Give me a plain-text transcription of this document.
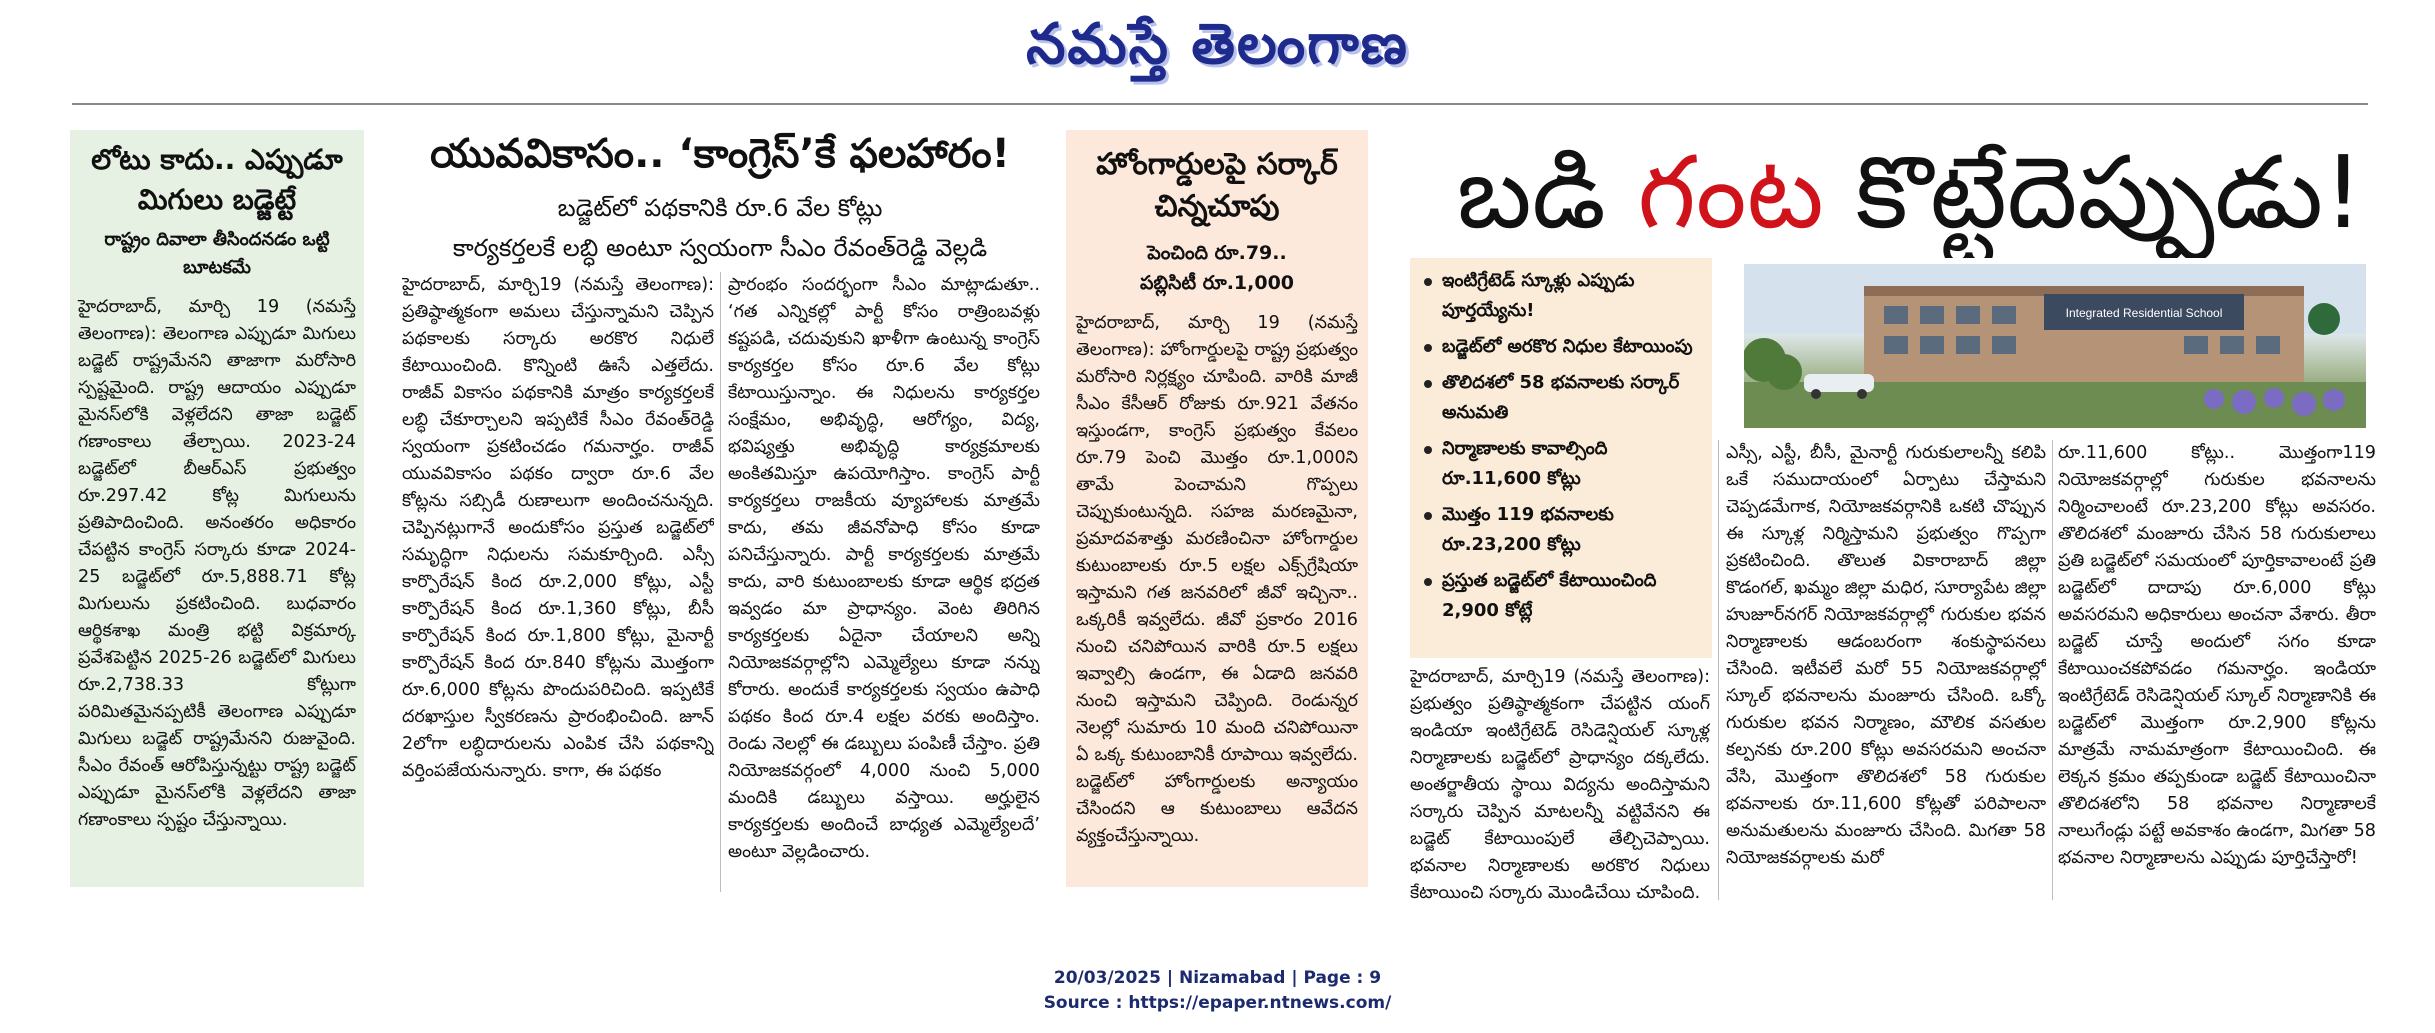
నమస్తే తెలంగాణ
లోటు కాదు.. ఎప్పుడూ మిగులు బడ్జెట్టే
రాష్ట్రం దివాలా తీసిందనడం ఒట్టి బూటకమే
హైదరాబాద్, మార్చి 19 (నమస్తే తెలంగాణ): తెలంగాణ ఎప్పుడూ మిగులు బడ్జెట్ రాష్ట్రమేనని తాజాగా మరోసారి స్పష్టమైంది. రాష్ట్ర ఆదాయం ఎప్పుడూ మైనస్‌లోకి వెళ్లలేదని తాజా బడ్జెట్ గణాంకాలు తేల్చాయి. 2023-24 బడ్జెట్‌లో బీఆర్‌ఎస్ ప్రభుత్వం రూ.297.42 కోట్ల మిగులును ప్రతిపాదించింది. అనంతరం అధికారం చేపట్టిన కాంగ్రెస్ సర్కారు కూడా 2024-25 బడ్జెట్‌లో రూ.5,888.71 కోట్ల మిగులును ప్రకటించింది. బుధవారం ఆర్థికశాఖ మంత్రి భట్టి విక్రమార్క ప్రవేశపెట్టిన 2025-26 బడ్జెట్‌లో మిగులు రూ.2,738.33 కోట్లుగా పరిమితమైనప్పటికీ తెలంగాణ ఎప్పుడూ మిగులు బడ్జెట్ రాష్ట్రమేనని రుజువైంది. సీఎం రేవంత్ ఆరోపిస్తున్నట్టు రాష్ట్ర బడ్జెట్ ఎప్పుడూ మైనస్‌లోకి వెళ్లలేదని తాజా గణాంకాలు స్పష్టం చేస్తున్నాయి.
యువవికాసం.. ‘కాంగ్రెస్’కే ఫలహారం!
బడ్జెట్‌లో పథకానికి రూ.6 వేల కోట్లు
కార్యకర్తలకే లబ్ధి అంటూ స్వయంగా సీఎం రేవంత్‌రెడ్డి వెల్లడి
హైదరాబాద్, మార్చి19 (నమస్తే తెలంగాణ): ప్రతిష్ఠాత్మకంగా అమలు చేస్తున్నామని చెప్పిన పథకాలకు సర్కారు అరకొర నిధులే కేటాయించింది. కొన్నింటి ఊసే ఎత్తలేదు. రాజీవ్ వికాసం పథకానికి మాత్రం కార్యకర్తలకే లబ్ధి చేకూర్చాలని ఇప్పటికే సీఎం రేవంత్‌రెడ్డి స్వయంగా ప్రకటించడం గమనార్హం. రాజీవ్ యువవికాసం పథకం ద్వారా రూ.6 వేల కోట్లను సబ్సిడీ రుణాలుగా అందించనున్నది. చెప్పినట్లుగానే అందుకోసం ప్రస్తుత బడ్జెట్‌లో సమృద్ధిగా నిధులను సమకూర్చింది. ఎస్సీ కార్పొరేషన్ కింద రూ.2,000 కోట్లు, ఎస్టీ కార్పొరేషన్ కింద రూ.1,360 కోట్లు, బీసీ కార్పొరేషన్ కింద రూ.1,800 కోట్లు, మైనార్టీ కార్పొరేషన్ కింద రూ.840 కోట్లను మొత్తంగా రూ.6,000 కోట్లను పొందుపరిచింది. ఇప్పటికే దరఖాస్తుల స్వీకరణను ప్రారంభించింది. జూన్ 2లోగా లబ్ధిదారులను ఎంపిక చేసి పథకాన్ని వర్తింపజేయనున్నారు. కాగా, ఈ పథకం
ప్రారంభం సందర్భంగా సీఎం మాట్లాడుతూ.. ‘గత ఎన్నికల్లో పార్టీ కోసం రాత్రింబవళ్లు కష్టపడి, చదువుకుని ఖాళీగా ఉంటున్న కాంగ్రెస్ కార్యకర్తల కోసం రూ.6 వేల కోట్లు కేటాయిస్తున్నాం. ఈ నిధులను కార్యకర్తల సంక్షేమం, అభివృద్ధి, ఆరోగ్యం, విద్య, భవిష్యత్తు అభివృద్ధి కార్యక్రమాలకు అంకితమిస్తూ ఉపయోగిస్తాం. కాంగ్రెస్ పార్టీ కార్యకర్తలు రాజకీయ వ్యూహాలకు మాత్రమే కాదు, తమ జీవనోపాధి కోసం కూడా పనిచేస్తున్నారు. పార్టీ కార్యకర్తలకు మాత్రమే కాదు, వారి కుటుంబాలకు కూడా ఆర్థిక భద్రత ఇవ్వడం మా ప్రాధాన్యం. వెంట తిరిగిన కార్యకర్తలకు ఏదైనా చేయాలని అన్ని నియోజకవర్గాల్లోని ఎమ్మెల్యేలు కూడా నన్ను కోరారు. అందుకే కార్యకర్తలకు స్వయం ఉపాధి పథకం కింద రూ.4 లక్షల వరకు అందిస్తాం. రెండు నెలల్లో ఈ డబ్బులు పంపిణీ చేస్తాం. ప్రతి నియోజకవర్గంలో 4,000 నుంచి 5,000 మందికి డబ్బులు వస్తాయి. అర్హులైన కార్యకర్తలకు అందించే బాధ్యత ఎమ్మెల్యేలదే’ అంటూ వెల్లడించారు.
హోంగార్డులపై సర్కార్ చిన్నచూపు
పెంచింది రూ.79..
పబ్లిసిటీ రూ.1,000
హైదరాబాద్, మార్చి 19 (నమస్తే తెలంగాణ): హోంగార్డులపై రాష్ట్ర ప్రభుత్వం మరోసారి నిర్లక్ష్యం చూపింది. వారికి మాజీ సీఎం కేసీఆర్ రోజుకు రూ.921 వేతనం ఇస్తుండగా, కాంగ్రెస్ ప్రభుత్వం కేవలం రూ.79 పెంచి మొత్తం రూ.1,000ని తామే పెంచామని గొప్పలు చెప్పుకుంటున్నది. సహజ మరణమైనా, ప్రమాదవశాత్తు మరణించినా హోంగార్డుల కుటుంబాలకు రూ.5 లక్షల ఎక్స్‌గ్రేషియా ఇస్తామని గత జనవరిలో జీవో ఇచ్చినా.. ఒక్కరికీ ఇవ్వలేదు. జీవో ప్రకారం 2016 నుంచి చనిపోయిన వారికి రూ.5 లక్షలు ఇవ్వాల్సి ఉండగా, ఈ ఏడాది జనవరి నుంచి ఇస్తామని చెప్పింది. రెండున్నర నెలల్లో సుమారు 10 మంది చనిపోయినా ఏ ఒక్క కుటుంబానికీ రూపాయి ఇవ్వలేదు. బడ్జెట్‌లో హోంగార్డులకు అన్యాయం చేసిందని ఆ కుటుంబాలు ఆవేదన వ్యక్తంచేస్తున్నాయి.
బడి గంట కొట్టేదెప్పుడు!
ఇంటిగ్రేటెడ్ స్కూళ్లు ఎప్పుడు పూర్తయ్యేను!
బడ్జెట్‌లో అరకొర నిధుల కేటాయింపు
తొలిదశలో 58 భవనాలకు సర్కార్ అనుమతి
నిర్మాణాలకు కావాల్సింది రూ.11,600 కోట్లు
మొత్తం 119 భవనాలకు రూ.23,200 కోట్లు
ప్రస్తుత బడ్జెట్‌లో కేటాయించింది 2,900 కోట్లే
Integrated Residential School
హైదరాబాద్, మార్చి19 (నమస్తే తెలంగాణ): ప్రభుత్వం ప్రతిష్ఠాత్మకంగా చేపట్టిన యంగ్ ఇండియా ఇంటిగ్రేటెడ్ రెసిడెన్షియల్ స్కూళ్ల నిర్మాణాలకు బడ్జెట్‌లో ప్రాధాన్యం దక్కలేదు. అంతర్జాతీయ స్థాయి విద్యను అందిస్తామని సర్కారు చెప్పిన మాటలన్నీ వట్టివేనని ఈ బడ్జెట్ కేటాయింపులే తేల్చిచెప్పాయి. భవనాల నిర్మాణాలకు అరకొర నిధులు కేటాయించి సర్కారు మొండిచేయి చూపింది.
ఎస్సీ, ఎస్టీ, బీసీ, మైనార్టీ గురుకులాలన్నీ కలిపి ఒకే సముదాయంలో ఏర్పాటు చేస్తామని చెప్పడమేగాక, నియోజకవర్గానికి ఒకటి చొప్పున ఈ స్కూళ్ల నిర్మిస్తామని ప్రభుత్వం గొప్పగా ప్రకటించింది. తొలుత వికారాబాద్ జిల్లా కొడంగల్, ఖమ్మం జిల్లా మధిర, సూర్యాపేట జిల్లా హుజూర్‌నగర్ నియోజకవర్గాల్లో గురుకుల భవన నిర్మాణాలకు ఆడంబరంగా శంకుస్థాపనలు చేసింది. ఇటీవలే మరో 55 నియోజకవర్గాల్లో స్కూల్ భవనాలను మంజూరు చేసింది. ఒక్కో గురుకుల భవన నిర్మాణం, మౌలిక వసతుల కల్పనకు రూ.200 కోట్లు అవసరమని అంచనా వేసి, మొత్తంగా తొలిదశలో 58 గురుకుల భవనాలకు రూ.11,600 కోట్లతో పరిపాలనా అనుమతులను మంజూరు చేసింది. మిగతా 58 నియోజకవర్గాలకు మరో
రూ.11,600 కోట్లు.. మొత్తంగా119 నియోజకవర్గాల్లో గురుకుల భవనాలను నిర్మించాలంటే రూ.23,200 కోట్లు అవసరం. తొలిదశలో మంజూరు చేసిన 58 గురుకులాలు ప్రతి బడ్జెట్‌లో సమయంలో పూర్తికావాలంటే ప్రతి బడ్జెట్‌లో దాదాపు రూ.6,000 కోట్లు అవసరమని అధికారులు అంచనా వేశారు. తీరా బడ్జెట్ చూస్తే అందులో సగం కూడా కేటాయించకపోవడం గమనార్హం. ఇండియా ఇంటిగ్రేటెడ్ రెసిడెన్షియల్ స్కూల్ నిర్మాణానికి ఈ బడ్జెట్‌లో మొత్తంగా రూ.2,900 కోట్లను మాత్రమే నామమాత్రంగా కేటాయించింది. ఈ లెక్కన క్రమం తప్పకుండా బడ్జెట్ కేటాయించినా తొలిదశలోని 58 భవనాల నిర్మాణాలకే నాలుగేండ్లు పట్టే అవకాశం ఉండగా, మిగతా 58 భవనాల నిర్మాణాలను ఎప్పుడు పూర్తిచేస్తారో!
20/03/2025 | Nizamabad | Page : 9
Source : https://epaper.ntnews.com/
